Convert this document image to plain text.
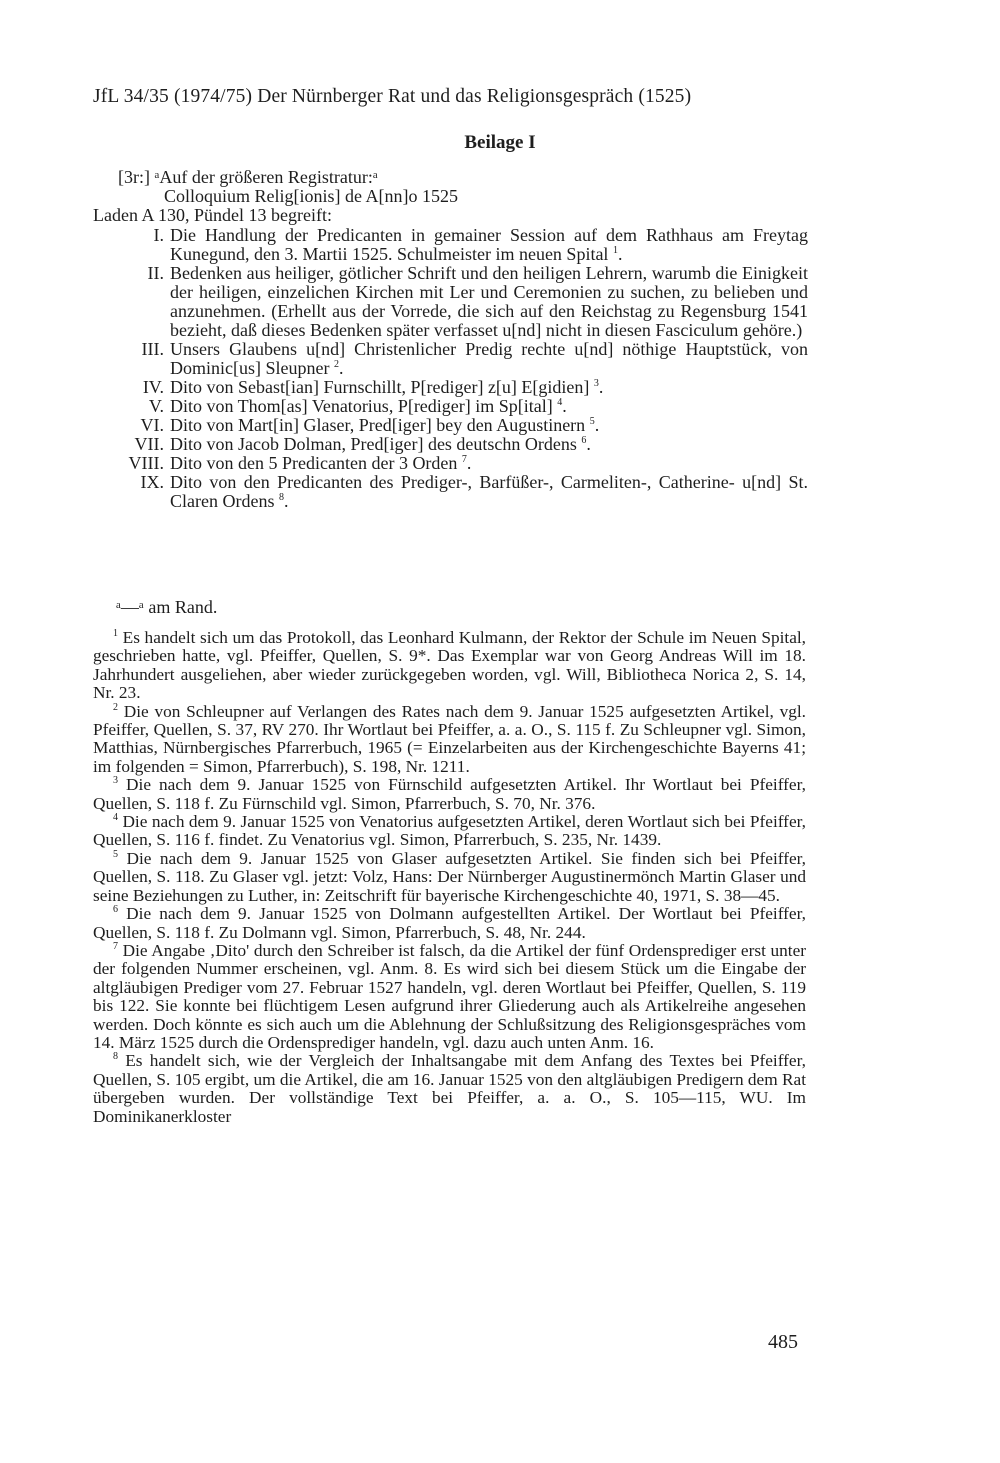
JfL 34/35 (1974/75) Der Nürnberger Rat und das Religionsgespräch (1525)
Beilage I
[3r:] ᵃAuf der größeren Registratur:ᵃ
Colloquium Relig[ionis] de A[nn]o 1525
Laden A 130, Pündel 13 begreift:
I. Die Handlung der Predicanten in gemainer Session auf dem Rathhaus am Freytag Kunegund, den 3. Martii 1525. Schulmeister im neuen Spital $^1$.
II. Bedenken aus heiliger, götlicher Schrift und den heiligen Lehrern, warumb die Einigkeit der heiligen, einzelichen Kirchen mit Ler und Ceremonien zu suchen, zu belieben und anzunehmen. (Erhellt aus der Vorrede, die sich auf den Reichstag zu Regensburg 1541 bezieht, daß dieses Bedenken später verfasset u[nd] nicht in diesen Fasciculum gehöre.)
III. Unsers Glaubens u[nd] Christenlicher Predig rechte u[nd] nöthige Hauptstück, von Dominic[us] Sleupner $^2$.
IV. Dito von Sebast[ian] Furnschillt, P[rediger] z[u] E[gidien] $^3$.
V. Dito von Thom[as] Venatorius, P[rediger] im Sp[ital] $^4$.
VI. Dito von Mart[in] Glaser, Pred[iger] bey den Augustinern $^5$.
VII. Dito von Jacob Dolman, Pred[iger] des deutschn Ordens $^6$.
VIII. Dito von den 5 Predicanten der 3 Orden $^7$.
IX. Dito von den Predicanten des Prediger-, Barfüßer-, Carmeliten-, Catherine- u[nd] St. Claren Ordens $^8$.
ᵃ—ᵃ am Rand.

$^1$ Es handelt sich um das Protokoll, das Leonhard Kulmann, der Rektor der Schule im Neuen Spital, geschrieben hatte, vgl. Pfeiffer, Quellen, S. 9*. Das Exemplar war von Georg Andreas Will im 18. Jahrhundert ausgeliehen, aber wieder zurückgegeben worden, vgl. Will, Bibliotheca Norica 2, S. 14, Nr. 23.

$^2$ Die von Schleupner auf Verlangen des Rates nach dem 9. Januar 1525 aufgesetzten Artikel, vgl. Pfeiffer, Quellen, S. 37, RV 270. Ihr Wortlaut bei Pfeiffer, a. a. O., S. 115 f. Zu Schleupner vgl. Simon, Matthias, Nürnbergisches Pfarrerbuch, 1965 (= Einzelarbeiten aus der Kirchengeschichte Bayerns 41; im folgenden = Simon, Pfarrerbuch), S. 198, Nr. 1211.

$^3$ Die nach dem 9. Januar 1525 von Fürnschild aufgesetzten Artikel. Ihr Wortlaut bei Pfeiffer, Quellen, S. 118 f. Zu Fürnschild vgl. Simon, Pfarrerbuch, S. 70, Nr. 376.

$^4$ Die nach dem 9. Januar 1525 von Venatorius aufgesetzten Artikel, deren Wortlaut sich bei Pfeiffer, Quellen, S. 116 f. findet. Zu Venatorius vgl. Simon, Pfarrerbuch, S. 235, Nr. 1439.

$^5$ Die nach dem 9. Januar 1525 von Glaser aufgesetzten Artikel. Sie finden sich bei Pfeiffer, Quellen, S. 118. Zu Glaser vgl. jetzt: Volz, Hans: Der Nürnberger Augustinermönch Martin Glaser und seine Beziehungen zu Luther, in: Zeitschrift für bayerische Kirchengeschichte 40, 1971, S. 38—45.

$^6$ Die nach dem 9. Januar 1525 von Dolmann aufgestellten Artikel. Der Wortlaut bei Pfeiffer, Quellen, S. 118 f. Zu Dolmann vgl. Simon, Pfarrerbuch, S. 48, Nr. 244.

$^7$ Die Angabe ‚Dito' durch den Schreiber ist falsch, da die Artikel der fünf Ordensprediger erst unter der folgenden Nummer erscheinen, vgl. Anm. 8. Es wird sich bei diesem Stück um die Eingabe der altgläubigen Prediger vom 27. Februar 1527 handeln, vgl. deren Wortlaut bei Pfeiffer, Quellen, S. 119 bis 122. Sie konnte bei flüchtigem Lesen aufgrund ihrer Gliederung auch als Artikelreihe angesehen werden. Doch könnte es sich auch um die Ablehnung der Schlußsitzung des Religionsgespräches vom 14. März 1525 durch die Ordensprediger handeln, vgl. dazu auch unten Anm. 16.

$^8$ Es handelt sich, wie der Vergleich der Inhaltsangabe mit dem Anfang des Textes bei Pfeiffer, Quellen, S. 105 ergibt, um die Artikel, die am 16. Januar 1525 von den altgläubigen Predigern dem Rat übergeben wurden. Der vollständige Text bei Pfeiffer, a. a. O., S. 105—115, WU. Im Dominikanerkloster

485
